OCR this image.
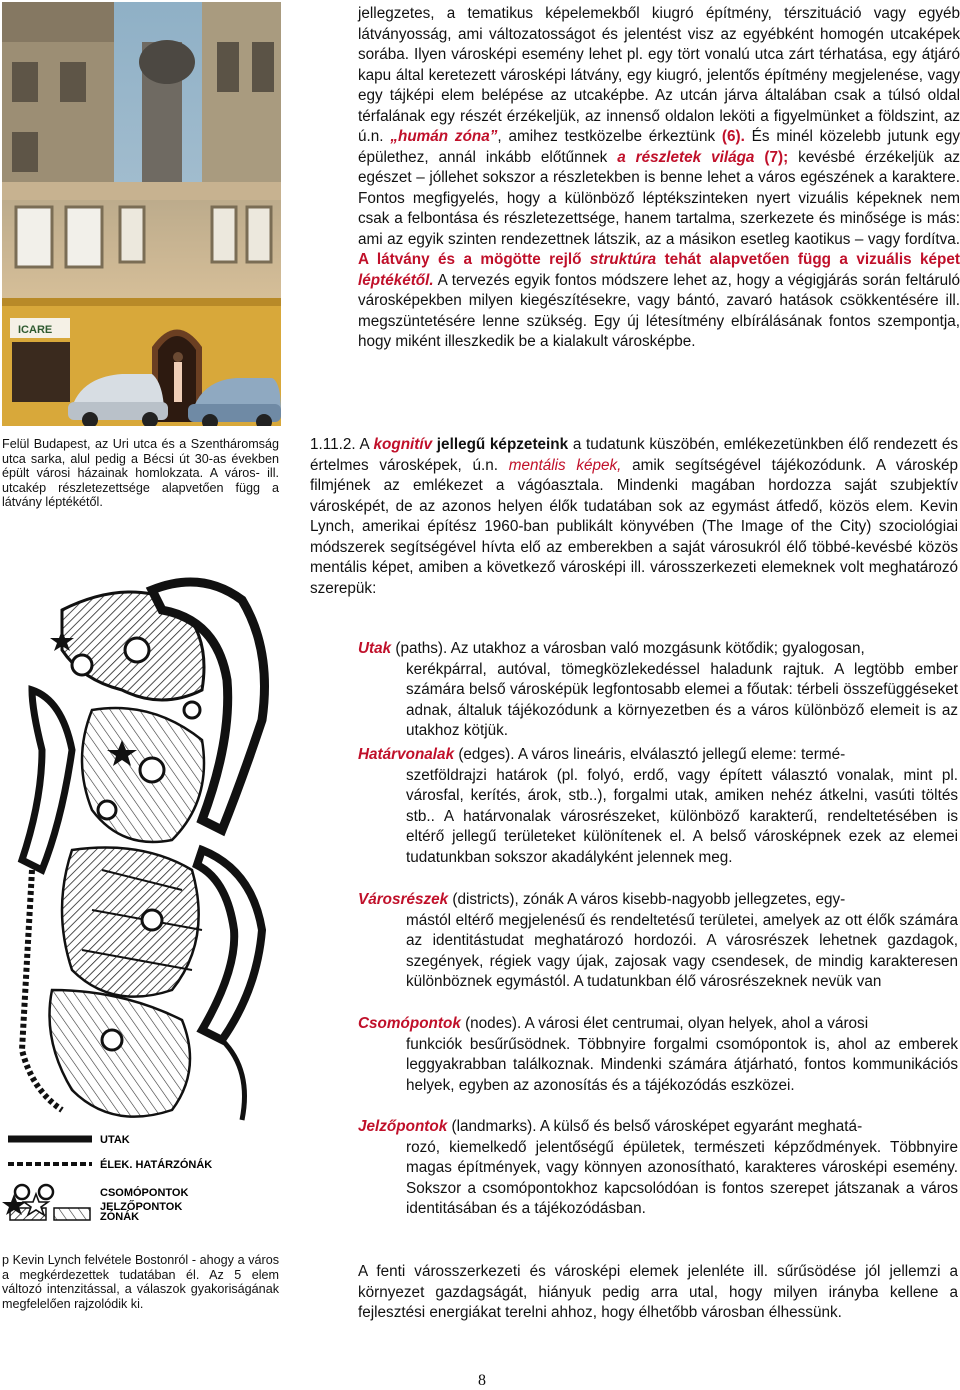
ICARE
Felül Budapest, az Uri utca és a Szentháromság utca sarka, alul pedig a Bécsi út 30-as években épült városi házainak homlokzata. A város- ill. utcakép részletezettsége alapvetően függ a látvány léptékétől.
UTAK
ÉLEK. HATÁRZÓNÁK
CSOMÓPONTOK
ZÓNÁK
JELZŐPONTOK
p Kevin Lynch felvétele Bostonról - ahogy a város a megkérdezettek tudatában él. Az 5 elem változó intenzitással, a válaszok gyakoriságának megfelelően rajzolódik ki.
jellegzetes, a tematikus képelemekből kiugró építmény, térszituáció vagy egyéb látványosság, ami változatosságot és jelentést visz az egyébként homogén utcaképek sorába. Ilyen városképi esemény lehet pl. egy tört vonalú utca zárt térhatása, egy átjáró kapu által keretezett városképi látvány, egy kiugró, jelentős építmény megjelenése, vagy egy tájképi elem belépése az utcaképbe. Az utcán járva általában csak a túlsó oldal térfalának egy részét érzékeljük, az innenső oldalon leköti a figyelmünket a földszint, az ú.n. „humán zóna”, amihez testközelbe érkeztünk (6). És minél közelebb jutunk egy épülethez, annál inkább előtűnnek a részletek világa (7); kevésbé érzékeljük az egészet – jóllehet sokszor a részletekben is benne lehet a város egészének a karaktere. Fontos megfigyelés, hogy a különböző léptékszinteken nyert vizuális képeknek nem csak a felbontása és részletezettsége, hanem tartalma, szerkezete és minősége is más: ami az egyik szinten rendezettnek látszik, az a másikon esetleg kaotikus – vagy fordítva. A látvány és a mögötte rejlő struktúra tehát alapvetően függ a vizuális képet léptékétől. A tervezés egyik fontos módszere lehet az, hogy a végigjárás során feltáruló városképekben milyen kiegészítésekre, vagy bántó, zavaró hatások csökkentésére ill. megszüntetésére lenne szükség. Egy új létesítmény elbírálásának fontos szempontja, hogy miként illeszkedik be a kialakult városképbe.
1.11.2. A kognitív jellegű képzeteink a tudatunk küszöbén, emlékezetünkben élő rendezett és értelmes városképek, ú.n. mentális képek, amik segítségével tájékozódunk. A városkép filmjének az emlékezet a vágóasztala. Mindenki magában hordozza saját szubjektív városképét, de az azonos helyen élők tudatában sok az egymást átfedő, közös elem. Kevin Lynch, amerikai építész 1960-ban publikált könyvében (The Image of the City) szociológiai módszerek segítségével hívta elő az emberekben a saját városukról élő többé-kevésbé közös mentális képet, amiben a következő városképi ill. városszerkezeti elemeknek volt meghatározó szerepük:
Utak (paths). Az utakhoz a városban való mozgásunk kötődik; gyalogosan,
kerékpárral, autóval, tömegközlekedéssel haladunk rajtuk. A legtöbb ember számára belső városképük legfontosabb elemei a főutak: térbeli összefüggéseket adnak, általuk tájékozódunk a környezetben és a város különböző elemeit is az utakhoz kötjük.
Határvonalak (edges). A város lineáris, elválasztó jellegű eleme: termé-
szetföldrajzi határok (pl. folyó, erdő, vagy épített választó vonalak, mint pl. városfal, kerítés, árok, stb..), forgalmi utak, amiken nehéz átkelni, vasúti töltés stb.. A határvonalak városrészeket, különböző karakterű, rendeltetésében is eltérő jellegű területeket különítenek el. A belső városképnek ezek az elemei tudatunkban sokszor akadályként jelennek meg.
Városrészek (districts), zónák A város kisebb-nagyobb jellegzetes, egy-
mástól eltérő megjelenésű és rendeltetésű területei, amelyek az ott élők számára az identitástudat meghatározó hordozói. A városrészek lehetnek gazdagok, szegények, régiek vagy újak, zajosak vagy csendesek, de mindig karakteresen különböznek egymástól. A tudatunkban élő városrészeknek nevük van
Csomópontok (nodes). A városi élet centrumai, olyan helyek, ahol a városi
funkciók besűrűsödnek. Többnyire forgalmi csomópontok is, ahol az emberek leggyakrabban találkoznak. Mindenki számára átjárható, fontos kommunikációs helyek, egyben az azonosítás és a tájékozódás eszközei.
Jelzőpontok (landmarks). A külső és belső városképet egyaránt meghatá-
rozó, kiemelkedő jelentőségű épületek, természeti képződmények. Többnyire magas építmények, vagy könnyen azonosítható, karakteres városképi esemény. Sokszor a csomópontokhoz kapcsolódóan is fontos szerepet játszanak a város identitásában és a tájékozódásban.
A fenti városszerkezeti és városképi elemek jelenléte ill. sűrűsödése jól jellemzi a környezet gazdagságát, hiányuk pedig arra utal, hogy milyen irányba kellene a fejlesztési energiákat terelni ahhoz, hogy élhetőbb városban élhessünk.
8
